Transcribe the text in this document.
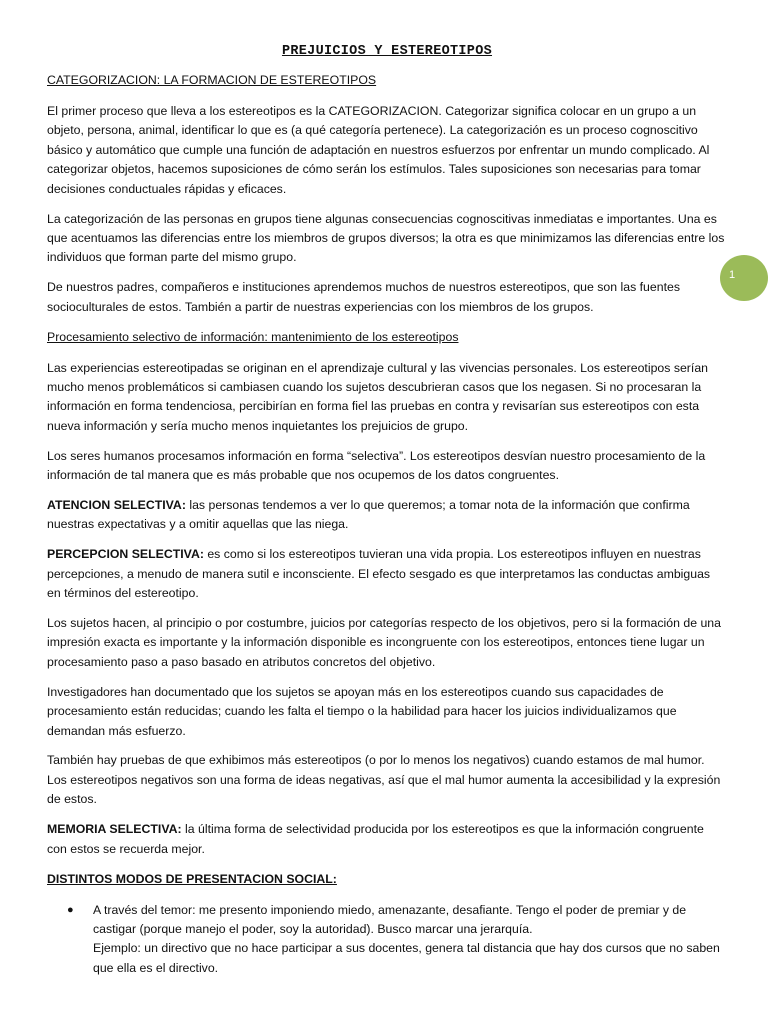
PREJUICIOS Y ESTEREOTIPOS
CATEGORIZACION: LA FORMACION DE ESTEREOTIPOS

El primer proceso que lleva a los estereotipos es la CATEGORIZACION. Categorizar significa colocar en un grupo a un objeto, persona, animal, identificar lo que es (a qué categoría pertenece). La categorización es un proceso cognoscitivo básico y automático que cumple una función de adaptación en nuestros esfuerzos por enfrentar un mundo complicado. Al categorizar objetos, hacemos suposiciones de cómo serán los estímulos. Tales suposiciones son necesarias para tomar decisiones conductuales rápidas y eficaces.

La categorización de las personas en grupos tiene algunas consecuencias cognoscitivas inmediatas e importantes. Una es que acentuamos las diferencias entre los miembros de grupos diversos; la otra es que minimizamos las diferencias entre los individuos que forman parte del mismo grupo.

De nuestros padres, compañeros e instituciones aprendemos muchos de nuestros estereotipos, que son las fuentes socioculturales de estos. También a partir de nuestras experiencias con los miembros de los grupos.

Procesamiento selectivo de información: mantenimiento de los estereotipos

Las experiencias estereotipadas se originan en el aprendizaje cultural y las vivencias personales. Los estereotipos serían mucho menos problemáticos si cambiasen cuando los sujetos descubrieran casos que los negasen. Si no procesaran la información en forma tendenciosa, percibirían en forma fiel las pruebas en contra y revisarían sus estereotipos con esta nueva información y sería mucho menos inquietantes los prejuicios de grupo.

Los seres humanos procesamos información en forma “selectiva”. Los estereotipos desvían nuestro procesamiento de la información de tal manera que es más probable que nos ocupemos de los datos congruentes.

ATENCION SELECTIVA: las personas tendemos a ver lo que queremos; a tomar nota de la información que confirma nuestras expectativas y a omitir aquellas que las niega.

PERCEPCION SELECTIVA: es como si los estereotipos tuvieran una vida propia. Los estereotipos influyen en nuestras percepciones, a menudo de manera sutil e inconsciente. El efecto sesgado es que interpretamos las conductas ambiguas en términos del estereotipo.

Los sujetos hacen, al principio o por costumbre, juicios por categorías respecto de los objetivos, pero si la formación de una impresión exacta es importante y la información disponible es incongruente con los estereotipos, entonces tiene lugar un procesamiento paso a paso basado en atributos concretos del objetivo.

Investigadores han documentado que los sujetos se apoyan más en los estereotipos cuando sus capacidades de procesamiento están reducidas; cuando les falta el tiempo o la habilidad para hacer los juicios individualizamos que demandan más esfuerzo.

También hay pruebas de que exhibimos más estereotipos (o por lo menos los negativos) cuando estamos de mal humor. Los estereotipos negativos son una forma de ideas negativas, así que el mal humor aumenta la accesibilidad y la expresión de estos.

MEMORIA SELECTIVA: la última forma de selectividad producida por los estereotipos es que la información congruente con estos se recuerda mejor.

DISTINTOS MODOS DE PRESENTACION SOCIAL:
● A través del temor: me presento imponiendo miedo, amenazante, desafiante. Tengo el poder de premiar y de castigar (porque manejo el poder, soy la autoridad). Busco marcar una jerarquía.
Ejemplo: un directivo que no hace participar a sus docentes, genera tal distancia que hay dos cursos que no saben que ella es el directivo.
1
